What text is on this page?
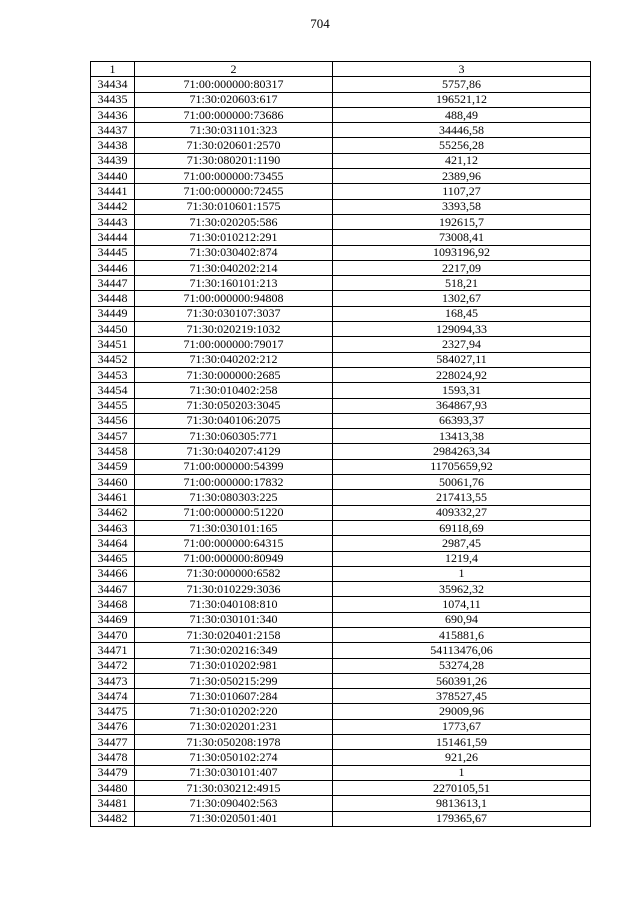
704
1	2	3
34434	71:00:000000:80317	5757,86
34435	71:30:020603:617	196521,12
34436	71:00:000000:73686	488,49
34437	71:30:031101:323	34446,58
34438	71:30:020601:2570	55256,28
34439	71:30:080201:1190	421,12
34440	71:00:000000:73455	2389,96
34441	71:00:000000:72455	1107,27
34442	71:30:010601:1575	3393,58
34443	71:30:020205:586	192615,7
34444	71:30:010212:291	73008,41
34445	71:30:030402:874	1093196,92
34446	71:30:040202:214	2217,09
34447	71:30:160101:213	518,21
34448	71:00:000000:94808	1302,67
34449	71:30:030107:3037	168,45
34450	71:30:020219:1032	129094,33
34451	71:00:000000:79017	2327,94
34452	71:30:040202:212	584027,11
34453	71:30:000000:2685	228024,92
34454	71:30:010402:258	1593,31
34455	71:30:050203:3045	364867,93
34456	71:30:040106:2075	66393,37
34457	71:30:060305:771	13413,38
34458	71:30:040207:4129	2984263,34
34459	71:00:000000:54399	11705659,92
34460	71:00:000000:17832	50061,76
34461	71:30:080303:225	217413,55
34462	71:00:000000:51220	409332,27
34463	71:30:030101:165	69118,69
34464	71:00:000000:64315	2987,45
34465	71:00:000000:80949	1219,4
34466	71:30:000000:6582	1
34467	71:30:010229:3036	35962,32
34468	71:30:040108:810	1074,11
34469	71:30:030101:340	690,94
34470	71:30:020401:2158	415881,6
34471	71:30:020216:349	54113476,06
34472	71:30:010202:981	53274,28
34473	71:30:050215:299	560391,26
34474	71:30:010607:284	378527,45
34475	71:30:010202:220	29009,96
34476	71:30:020201:231	1773,67
34477	71:30:050208:1978	151461,59
34478	71:30:050102:274	921,26
34479	71:30:030101:407	1
34480	71:30:030212:4915	2270105,51
34481	71:30:090402:563	9813613,1
34482	71:30:020501:401	179365,67
